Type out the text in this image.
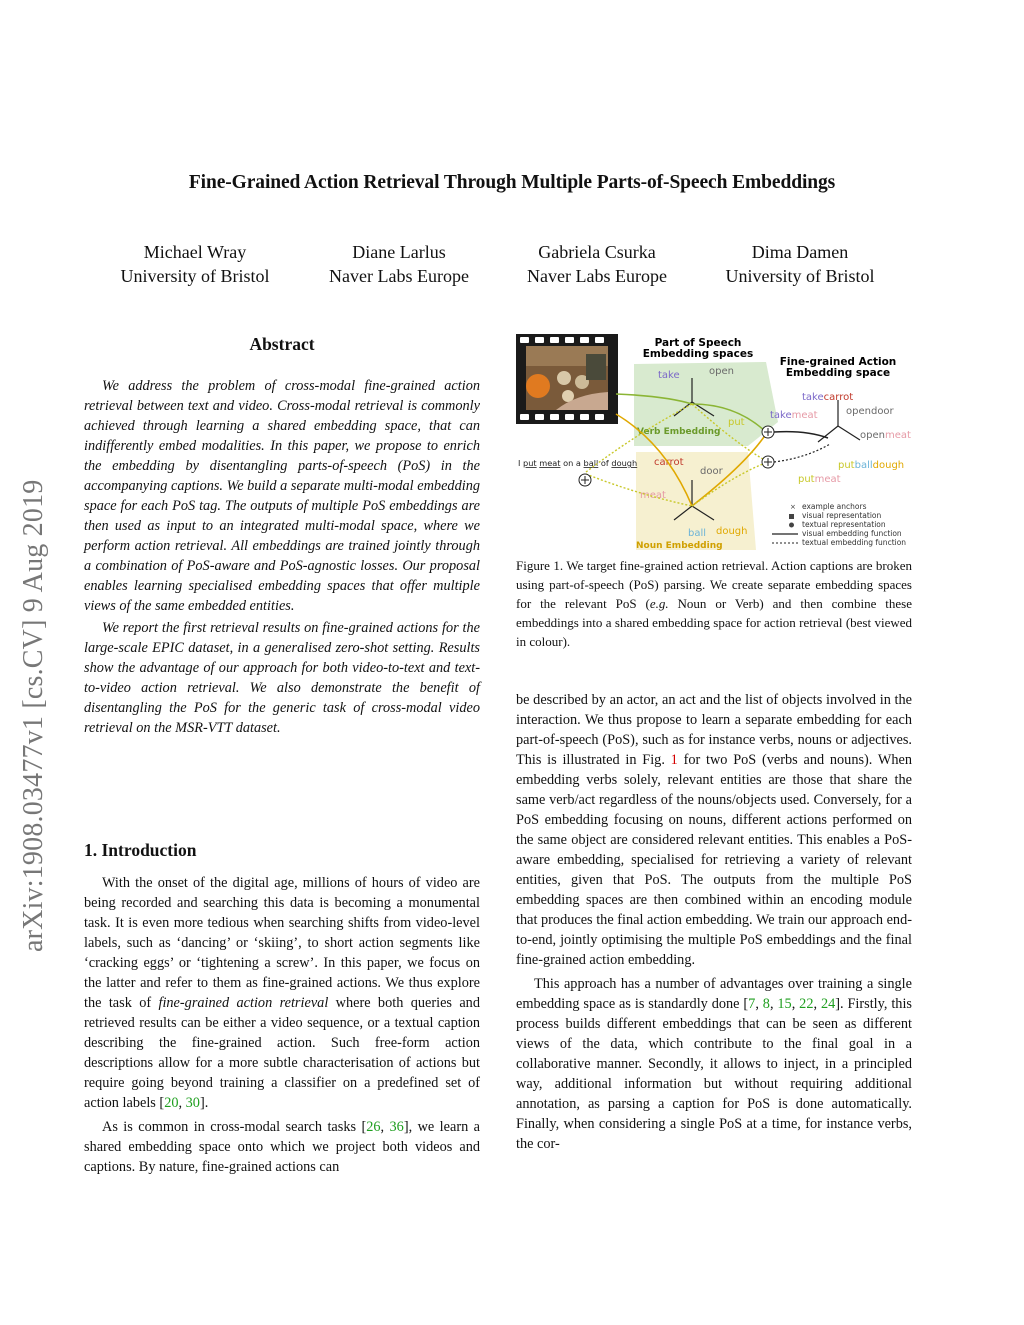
arXiv:1908.03477v1 [cs.CV] 9 Aug 2019
Fine-Grained Action Retrieval Through Multiple Parts-of-Speech Embeddings
Michael Wray
University of Bristol
Diane Larlus
Naver Labs Europe
Gabriela Csurka
Naver Labs Europe
Dima Damen
University of Bristol
Abstract

We address the problem of cross-modal fine-grained action retrieval between text and video. Cross-modal retrieval is commonly achieved through learning a shared embedding space, that can indifferently embed modalities. In this paper, we propose to enrich the embedding by disentangling parts-of-speech (PoS) in the accompanying captions. We build a separate multi-modal embedding space for each PoS tag. The outputs of multiple PoS embeddings are then used as input to an integrated multi-modal space, where we perform action retrieval. All embeddings are trained jointly through a combination of PoS-aware and PoS-agnostic losses. Our proposal enables learning specialised embedding spaces that offer multiple views of the same embedded entities.

We report the first retrieval results on fine-grained actions for the large-scale EPIC dataset, in a generalised zero-shot setting. Results show the advantage of our approach for both video-to-text and text-to-video action retrieval. We also demonstrate the benefit of disentangling the PoS for the generic task of cross-modal video retrieval on the MSR-VTT dataset.

1. Introduction

With the onset of the digital age, millions of hours of video are being recorded and searching this data is becoming a monumental task. It is even more tedious when searching shifts from video-level labels, such as ‘dancing’ or ‘skiing’, to short action segments like ‘cracking eggs’ or ‘tightening a screw’. In this paper, we focus on the latter and refer to them as fine-grained actions. We thus explore the task of fine-grained action retrieval where both queries and retrieved results can be either a video sequence, or a textual caption describing the fine-grained action. Such free-form action descriptions allow for a more subtle characterisation of actions but require going beyond training a classifier on a predefined set of action labels [20, 30].

As is common in cross-modal search tasks [26, 36], we learn a shared embedding space onto which we project both videos and captions. By nature, fine-grained actions can

Part of Speech
Embedding spaces
Fine-grained Action
Embedding space
take	open
put
Verb Embedding
carrot
door
meat
ball dough
Noun Embedding
I put meat on a ball of dough
takecarrot
takemeat	opendoor
openmeat
putballdough
putmeat
× example anchors
visual representation
textual representation
visual embedding function
textual embedding function
Figure 1. We target fine-grained action retrieval. Action captions are broken using part-of-speech (PoS) parsing. We create separate embedding spaces for the relevant PoS (e.g. Noun or Verb) and then combine these embeddings into a shared embedding space for action retrieval (best viewed in colour).

be described by an actor, an act and the list of objects involved in the interaction. We thus propose to learn a separate embedding for each part-of-speech (PoS), such as for instance verbs, nouns or adjectives. This is illustrated in Fig. 1 for two PoS (verbs and nouns). When embedding verbs solely, relevant entities are those that share the same verb/act regardless of the nouns/objects used. Conversely, for a PoS embedding focusing on nouns, different actions performed on the same object are considered relevant entities. This enables a PoS-aware embedding, specialised for retrieving a variety of relevant entities, given that PoS. The outputs from the multiple PoS embedding spaces are then combined within an encoding module that produces the final action embedding. We train our approach end-to-end, jointly optimising the multiple PoS embeddings and the final fine-grained action embedding.

This approach has a number of advantages over training a single embedding space as is standardly done [7, 8, 15, 22, 24]. Firstly, this process builds different embeddings that can be seen as different views of the data, which contribute to the final goal in a collaborative manner. Secondly, it allows to inject, in a principled way, additional information but without requiring additional annotation, as parsing a caption for PoS is done automatically. Finally, when considering a single PoS at a time, for instance verbs, the cor-
